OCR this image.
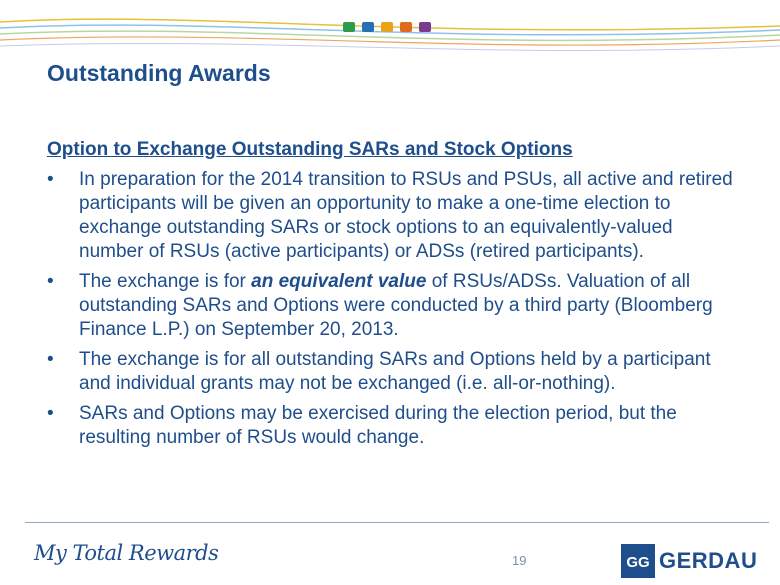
Outstanding Awards
Option to Exchange Outstanding SARs and Stock Options
• In preparation for the 2014 transition to RSUs and PSUs, all active and retired participants will be given an opportunity to make a one-time election to exchange outstanding SARs or stock options to an equivalently-valued number of RSUs (active participants) or ADSs (retired participants).
• The exchange is for an equivalent value of RSUs/ADSs. Valuation of all outstanding SARs and Options were conducted by a third party (Bloomberg Finance L.P.) on September 20, 2013.
• The exchange is for all outstanding SARs and Options held by a participant and individual grants may not be exchanged (i.e. all-or-nothing).
• SARs and Options may be exercised during the election period, but the resulting number of RSUs would change.
My Total Rewards	19	GG GERDAU
